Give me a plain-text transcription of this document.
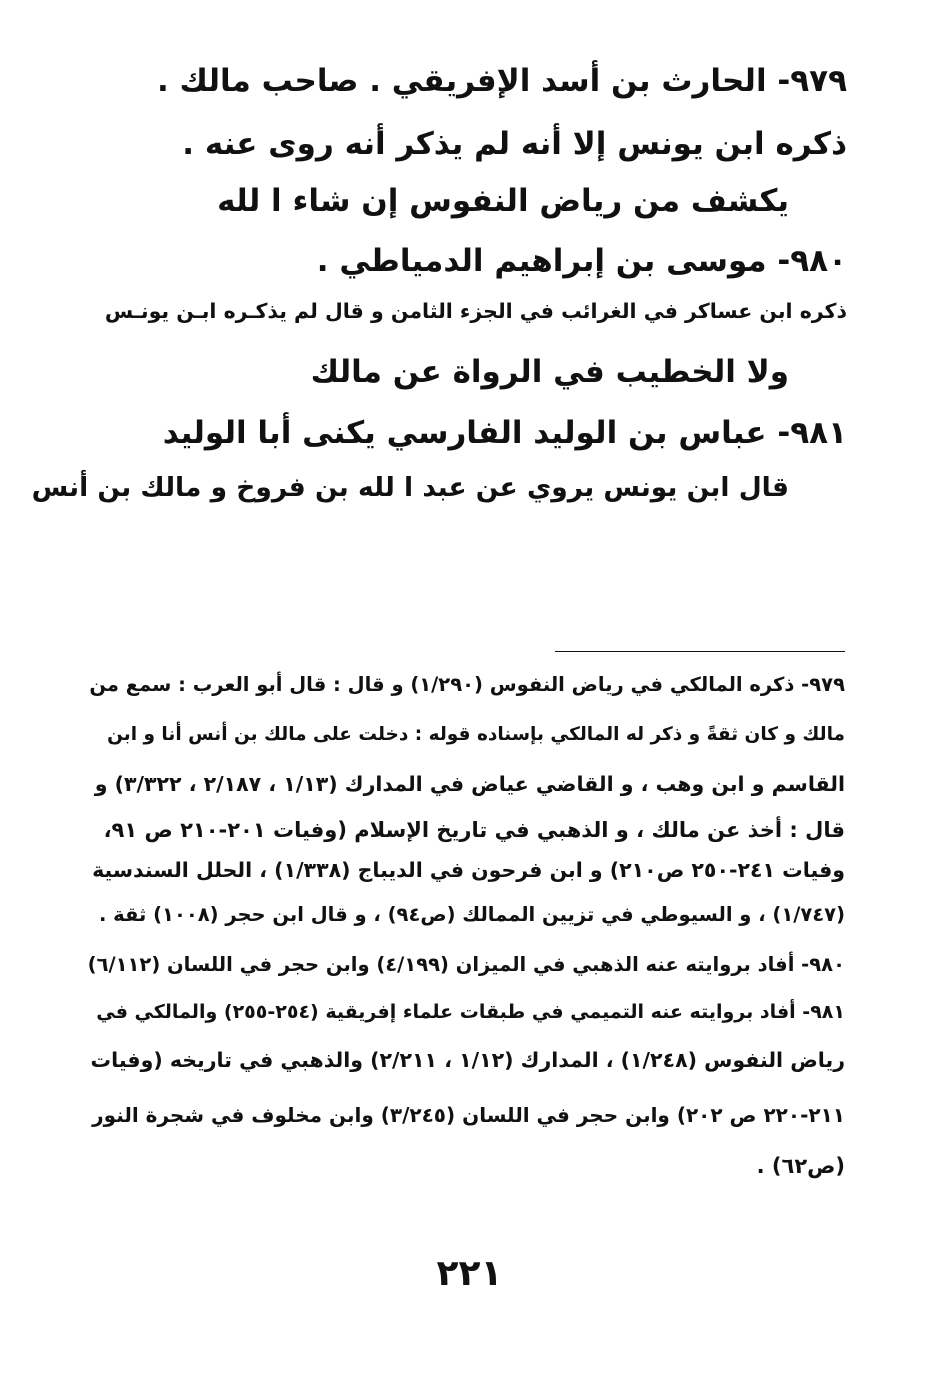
٩٧٩- الحارث بن أسد الإفريقي . صاحب مالك .
ذكره ابن يونس إلا أنه لم يذكر أنه روى عنه .
يكشف من رياض النفوس إن شاء ا لله
٩٨٠- موسى بن إبراهيم الدمياطي .
ذكره ابن عساكر في الغرائب في الجزء الثامن و قال لم يذكـره ابـن يونـس
ولا الخطيب في الرواة عن مالك
٩٨١- عباس بن الوليد الفارسي يكنى أبا الوليد
قال ابن يونس يروي عن عبد ا لله بن فروخ و مالك بن أنس
٩٧٩- ذكره المالكي في رياض النفوس (١/٢٩٠) و قال : قال أبو العرب : سمع من
مالك و كان ثقةً و ذكر له المالكي بإسناده قوله : دخلت على مالك بن أنس أنا و ابن
القاسم و ابن وهب ، و القاضي عياض في المدارك (١/١٣ ، ٢/١٨٧ ، ٣/٣٢٢) و
قال : أخذ عن مالك ، و الذهبي في تاريخ الإسلام (وفيات ٢٠١-٢١٠ ص ٩١،
وفيات ٢٤١-٢٥٠ ص٢١٠) و ابن فرحون في الديباج (١/٣٣٨) ، الحلل السندسية
(١/٧٤٧) ، و السيوطي في تزيين الممالك (ص٩٤) ، و قال ابن حجر (١٠٠٨) ثقة .
٩٨٠- أفاد بروايته عنه الذهبي في الميزان (٤/١٩٩) وابن حجر في اللسان (٦/١١٢)
٩٨١- أفاد بروايته عنه التميمي في طبقات علماء إفريقية (٢٥٤-٢٥٥) والمالكي في
رياض النفوس (١/٢٤٨) ، المدارك (١/١٢ ، ٢/٢١١) والذهبي في تاريخه (وفيات
٢١١-٢٢٠ ص ٢٠٢) وابن حجر في اللسان (٣/٢٤٥) وابن مخلوف في شجرة النور
(ص٦٢) .
٢٢١
